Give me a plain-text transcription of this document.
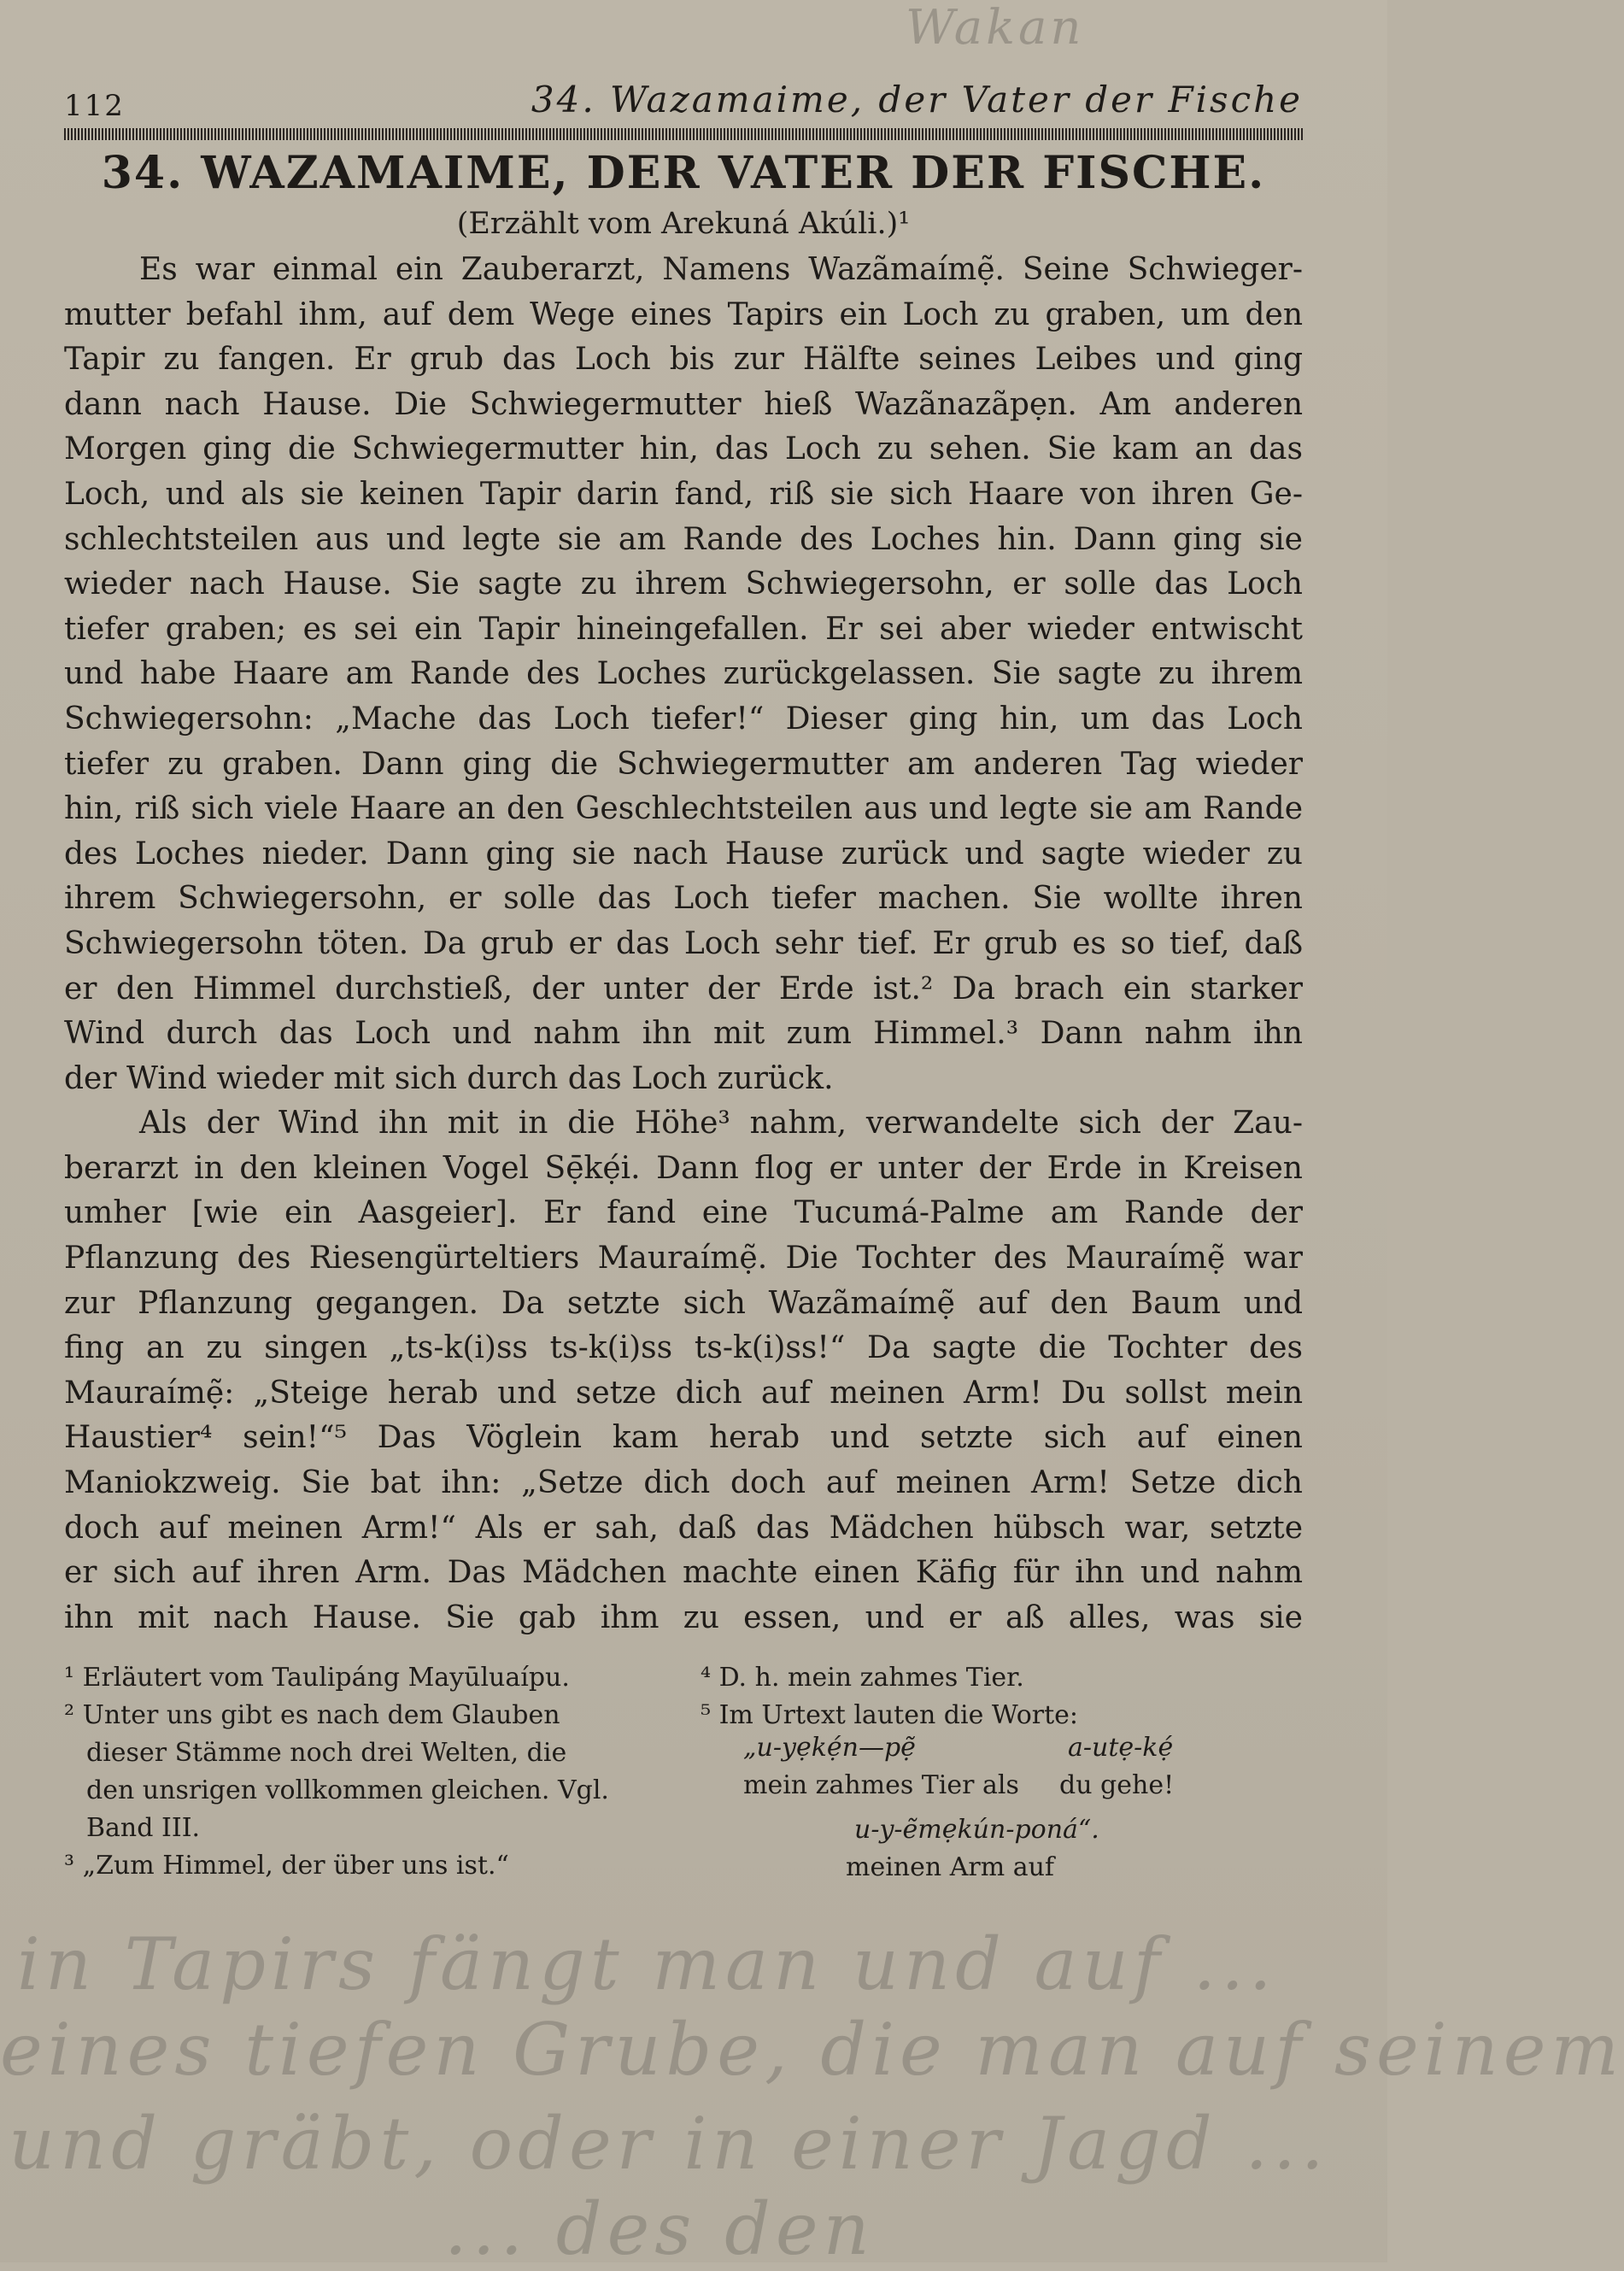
Wakan
112	34. Wazamaime, der Vater der Fische
34. WAZAMAIME, DER VATER DER FISCHE.
(Erzählt vom Arekuná Akúli.)¹
Es war einmal ein Zauberarzt, Namens Wazãmaímẹ̃. Seine Schwieger-
mutter befahl ihm, auf dem Wege eines Tapirs ein Loch zu graben, um den
Tapir zu fangen. Er grub das Loch bis zur Hälfte seines Leibes und ging
dann nach Hause. Die Schwiegermutter hieß Wazãnazãpẹn. Am anderen
Morgen ging die Schwiegermutter hin, das Loch zu sehen. Sie kam an das
Loch, und als sie keinen Tapir darin fand, riß sie sich Haare von ihren Ge-
schlechtsteilen aus und legte sie am Rande des Loches hin. Dann ging sie
wieder nach Hause. Sie sagte zu ihrem Schwiegersohn, er solle das Loch
tiefer graben; es sei ein Tapir hineingefallen. Er sei aber wieder entwischt
und habe Haare am Rande des Loches zurückgelassen. Sie sagte zu ihrem
Schwiegersohn: „Mache das Loch tiefer!“ Dieser ging hin, um das Loch
tiefer zu graben. Dann ging die Schwiegermutter am anderen Tag wieder
hin, riß sich viele Haare an den Geschlechtsteilen aus und legte sie am Rande
des Loches nieder. Dann ging sie nach Hause zurück und sagte wieder zu
ihrem Schwiegersohn, er solle das Loch tiefer machen. Sie wollte ihren
Schwiegersohn töten. Da grub er das Loch sehr tief. Er grub es so tief, daß
er den Himmel durchstieß, der unter der Erde ist.² Da brach ein starker
Wind durch das Loch und nahm ihn mit zum Himmel.³ Dann nahm ihn
der Wind wieder mit sich durch das Loch zurück.
Als der Wind ihn mit in die Höhe³ nahm, verwandelte sich der Zau-
berarzt in den kleinen Vogel Sẹ̄kẹ́i. Dann flog er unter der Erde in Kreisen
umher [wie ein Aasgeier]. Er fand eine Tucumá-Palme am Rande der
Pflanzung des Riesengürteltiers Mauraímẹ̃. Die Tochter des Mauraímẹ̃ war
zur Pflanzung gegangen. Da setzte sich Wazãmaímẹ̃ auf den Baum und
fing an zu singen „ts-k(i)ss ts-k(i)ss ts-k(i)ss!“ Da sagte die Tochter des
Mauraímẹ̃: „Steige herab und setze dich auf meinen Arm! Du sollst mein
Haustier⁴ sein!“⁵ Das Vöglein kam herab und setzte sich auf einen
Maniokzweig. Sie bat ihn: „Setze dich doch auf meinen Arm! Setze dich
doch auf meinen Arm!“ Als er sah, daß das Mädchen hübsch war, setzte
er sich auf ihren Arm. Das Mädchen machte einen Käfig für ihn und nahm
ihn mit nach Hause. Sie gab ihm zu essen, und er aß alles, was sie
¹ Erläutert vom Taulipáng Mayūluaípu.
² Unter uns gibt es nach dem Glauben
dieser Stämme noch drei Welten, die
den unsrigen vollkommen gleichen. Vgl.
Band III.
³ „Zum Himmel, der über uns ist.“
⁴ D. h. mein zahmes Tier.
⁵ Im Urtext lauten die Worte:
„u-yẹkẹ́n—pẹ̃	a-utẹ-kẹ́
mein zahmes Tier als du gehe!
u-y-ẽmẹkún-poná“.
meinen Arm auf
in Tapirs fängt man und auf ...
eines tiefen Grube, die man auf seinem
und gräbt, oder in einer Jagd ...
... des den
